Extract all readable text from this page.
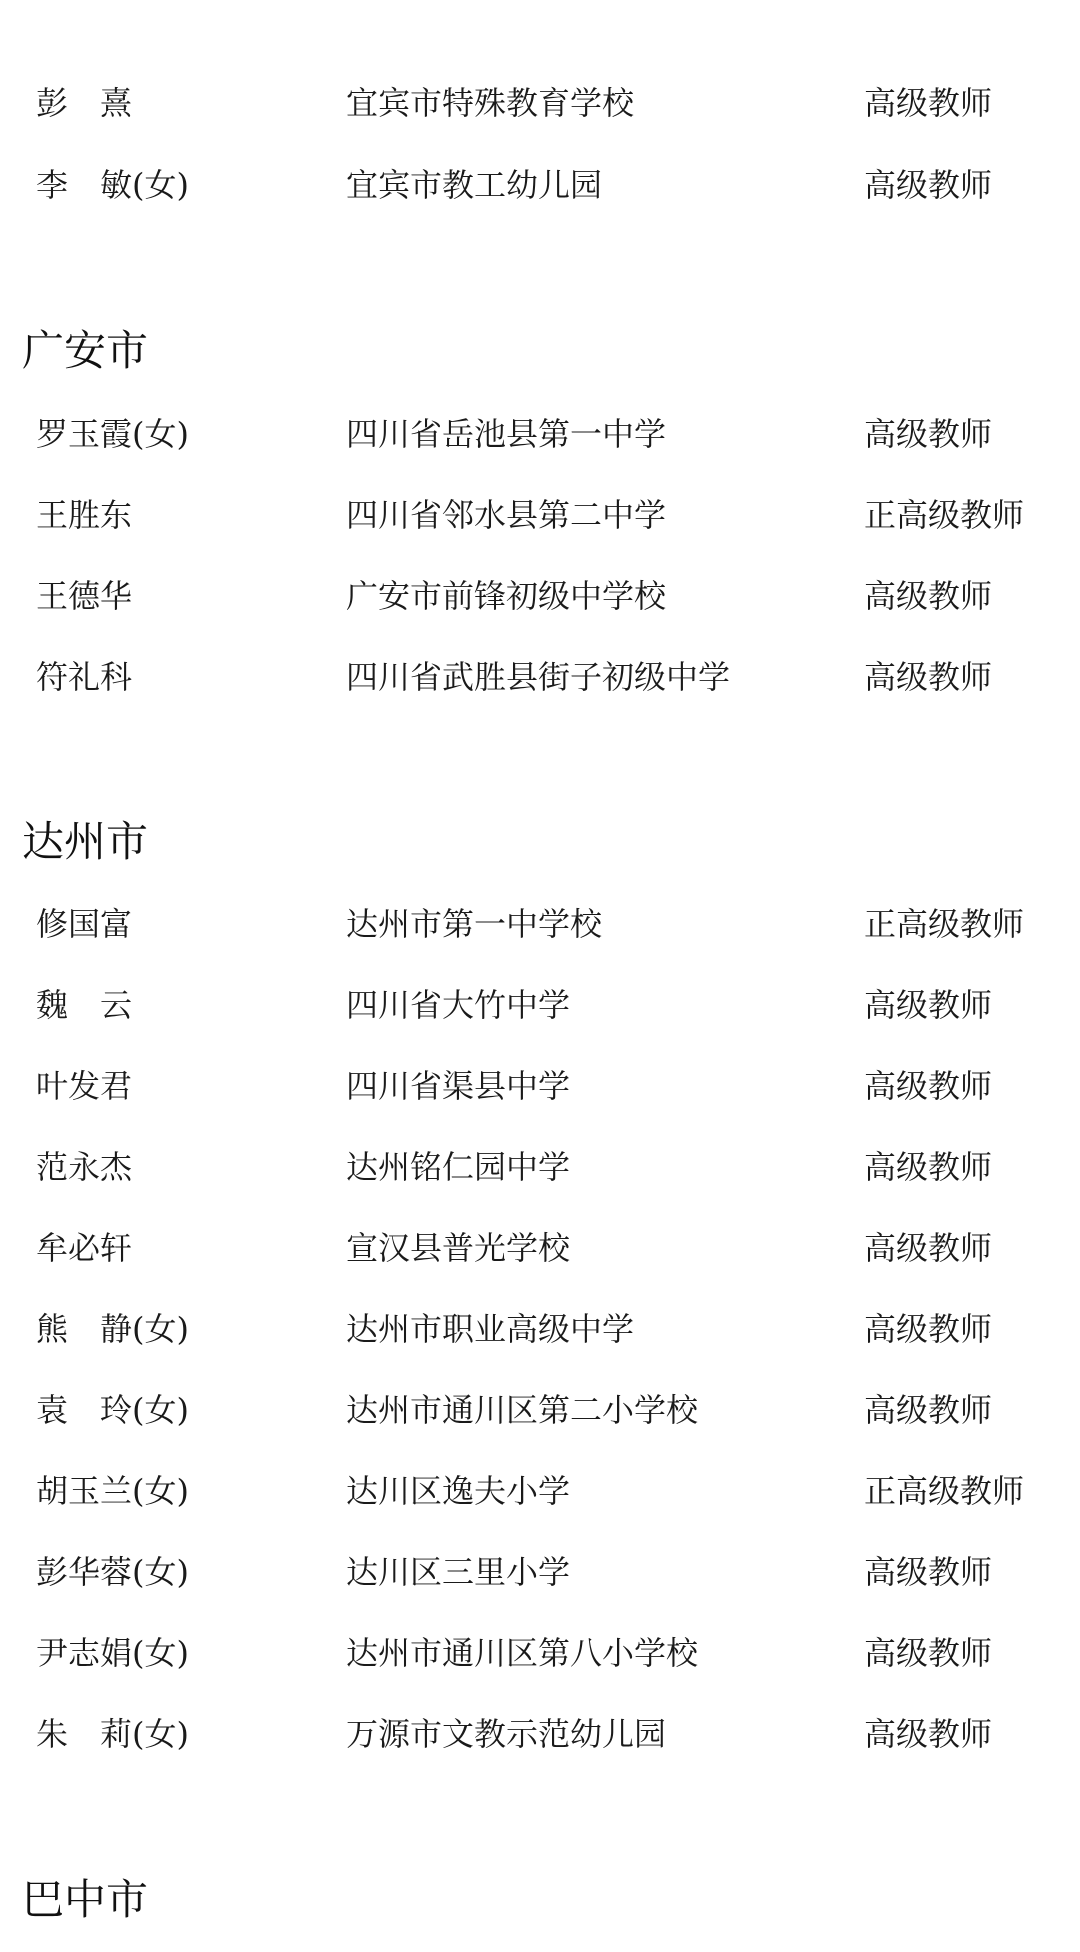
彭　熹	宜宾市特殊教育学校	高级教师
李　敏(女)	宜宾市教工幼儿园	高级教师
广安市
罗玉霞(女)	四川省岳池县第一中学	高级教师
王胜东	四川省邻水县第二中学	正高级教师
王德华	广安市前锋初级中学校	高级教师
符礼科	四川省武胜县街子初级中学	高级教师
达州市
修国富	达州市第一中学校	正高级教师
魏　云	四川省大竹中学	高级教师
叶发君	四川省渠县中学	高级教师
范永杰	达州铭仁园中学	高级教师
牟必轩	宣汉县普光学校	高级教师
熊　静(女)	达州市职业高级中学	高级教师
袁　玲(女)	达州市通川区第二小学校	高级教师
胡玉兰(女)	达川区逸夫小学	正高级教师
彭华蓉(女)	达川区三里小学	高级教师
尹志娟(女)	达州市通川区第八小学校	高级教师
朱　莉(女)	万源市文教示范幼儿园	高级教师
巴中市
